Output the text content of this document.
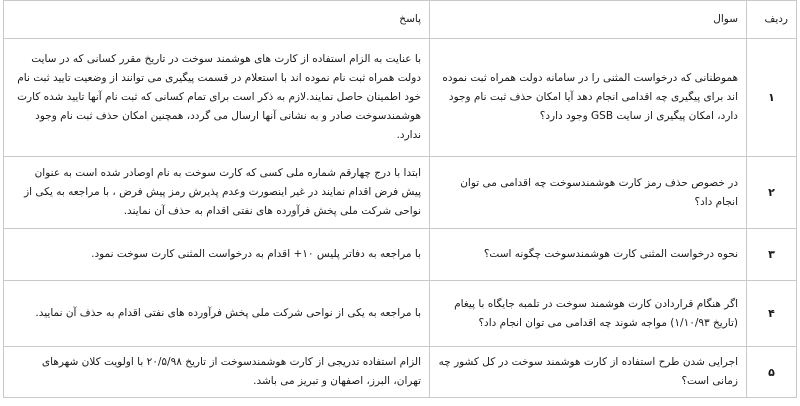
ردیف	سوال	پاسخ
۱	هموطنانی که درخواست المثنی را در سامانه دولت همراه ثبت نموده اند برای پیگیری چه اقدامی انجام دهد آیا امکان حذف ثبت نام وجود دارد، امکان پیگیری از سایت GSB وجود دارد؟	با عنایت به الزام استفاده از کارت های هوشمند سوخت در تاریخ مقرر کسانی که در سایت دولت همراه ثبت نام نموده اند با استعلام در قسمت پیگیری می توانند از وضعیت تایید ثبت نام خود اطمینان حاصل نمایند.لازم به ذکر است برای تمام کسانی که ثبت نام آنها تایید شده کارت هوشمندسوخت صادر و به نشانی آنها ارسال می گردد، همچنین امکان حذف ثبت نام وجود ندارد.
۲	در خصوص حذف رمز کارت هوشمندسوخت چه اقدامی می توان انجام داد؟	ابتدا با درج چهارقم شماره ملی کسی که کارت سوخت به نام اوصادر شده است به عنوان پیش فرض اقدام نمایند در غیر اینصورت وعدم پذیرش رمز پیش فرض ، با مراجعه به یکی از نواحی شرکت ملی پخش فرآورده های نفتی اقدام به حذف آن نمایند.
۳	نحوه درخواست المثنی کارت هوشمندسوخت چگونه است؟	با مراجعه به دفاتر پلیس ۱۰+ اقدام به درخواست المثنی کارت سوخت نمود.
۴	اگر هنگام قراردادن کارت هوشمند سوخت در تلمبه جایگاه با پیغام (تاریخ ۱/۱۰/۹۳) مواجه شوند چه اقدامی می توان انجام داد؟	با مراجعه به یکی از نواحی شرکت ملی پخش فرآورده های نفتی اقدام به حذف آن نمایید.
۵	اجرایی شدن طرح استفاده از کارت هوشمند سوخت در کل کشور چه زمانی است؟	الزام استفاده تدریجی از کارت هوشمندسوخت از تاریخ ۲۰/۵/۹۸ با اولویت کلان شهرهای تهران، البرز، اصفهان و تبریز می باشد.
